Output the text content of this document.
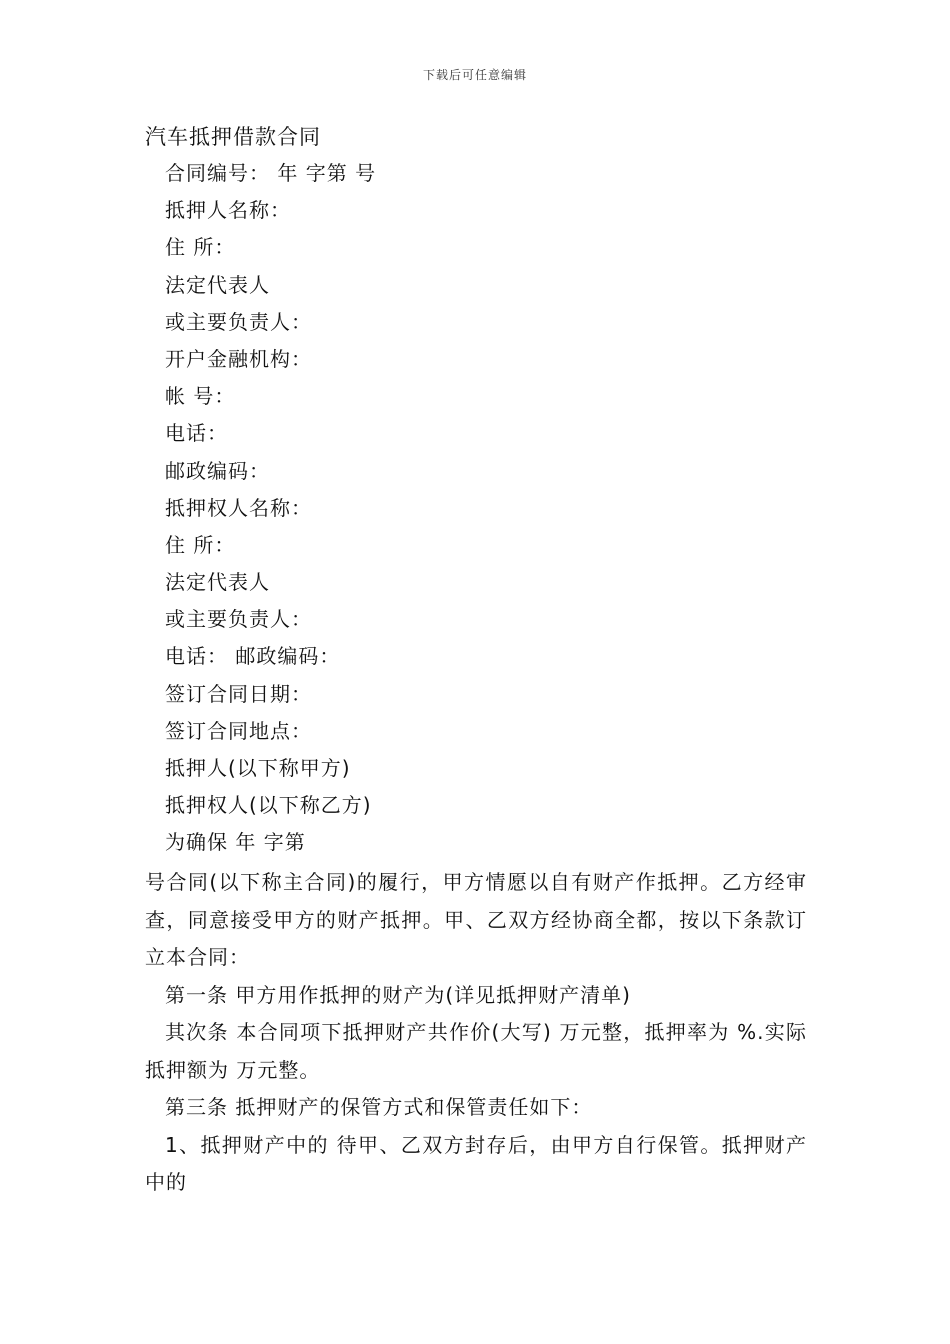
下载后可任意编辑
汽车抵押借款合同
合同编号： 年 字第 号
抵押人名称：
住 所：
法定代表人
或主要负责人：
开户金融机构：
帐 号：
电话：
邮政编码：
抵押权人名称：
住 所：
法定代表人
或主要负责人：
电话： 邮政编码：
签订合同日期：
签订合同地点：
抵押人(以下称甲方)
抵押权人(以下称乙方)
为确保 年 字第

号合同(以下称主合同)的履行，甲方情愿以自有财产作抵押。乙方经审查，同意接受甲方的财产抵押。甲、乙双方经协商全都，按以下条款订立本合同：

第一条 甲方用作抵押的财产为(详见抵押财产清单)

其次条 本合同项下抵押财产共作价(大写) 万元整，抵押率为 %.实际抵押额为 万元整。

第三条 抵押财产的保管方式和保管责任如下：

1、抵押财产中的 待甲、乙双方封存后，由甲方自行保管。抵押财产中的
